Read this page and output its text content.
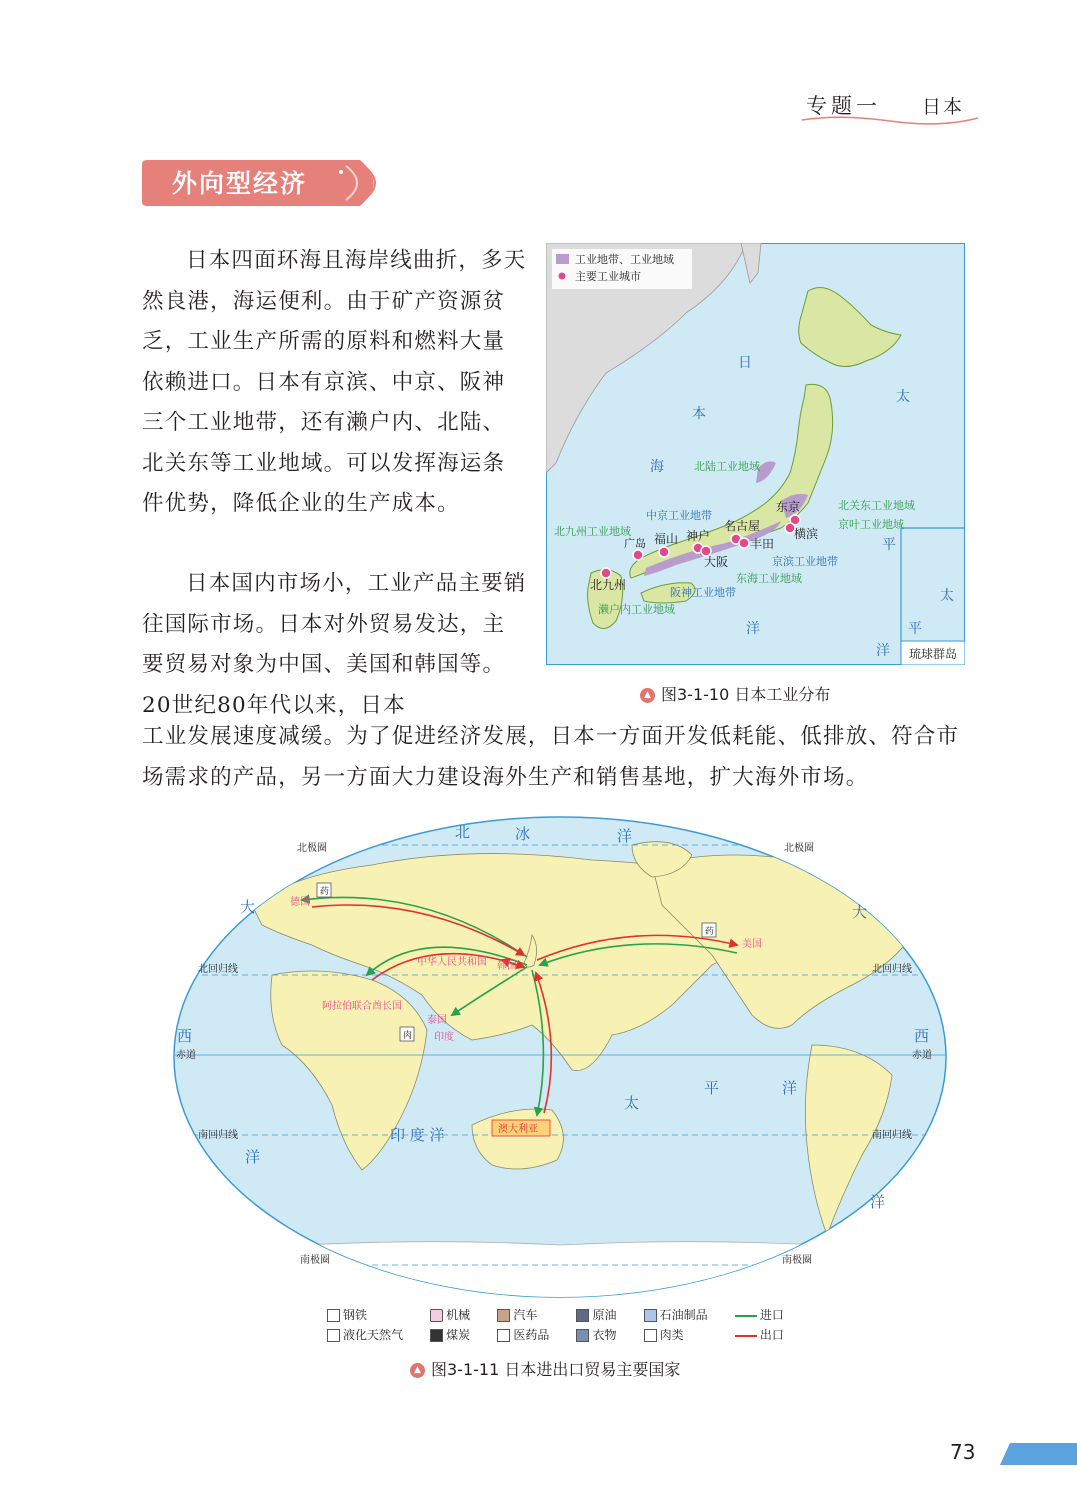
专题一 日本
外向型经济
日本四面环海且海岸线曲折，多天然良港，海运便利。由于矿产资源贫乏，工业生产所需的原料和燃料大量依赖进口。日本有京滨、中京、阪神三个工业地带，还有濑户内、北陆、北关东等工业地域。可以发挥海运条件优势，降低企业的生产成本。
日本国内市场小，工业产品主要销往国际市场。日本对外贸易发达，主要贸易对象为中国、美国和韩国等。20世纪80年代以来，日本
工业发展速度减缓。为了促进经济发展，日本一方面开发低耗能、低排放、符合市场需求的产品，另一方面大力建设海外生产和销售基地，扩大海外市场。
琉球群岛
工业地带、工业地域
主要工业城市
日
本
海
太
平
洋
太
平
洋
北陆工业地域
北关东工业地域
京叶工业地域
中京工业地带
北九州工业地域
京滨工业地带
东海工业地域
阪神工业地带
濑户内工业地域
东京
横滨
名古屋
丰田
神户
大阪
福山
广岛
北九州
▲ 图3-1-10 日本工业分布
北	冰	洋
大
西
洋
大
西
洋
印 度 洋
太
平	洋
北极圈	北极圈
北回归线	北回归线
赤道	赤道
南回归线	南回归线
南极圈	南极圈
德国
美国
中华人民共和国 韩国
阿拉伯联合酋长国
澳大利亚
泰国
印度
药
药
肉
钢铁	机械	汽车	原油	石油制品	进口
液化天然气	煤炭	医药品	衣物	肉类	出口
▲ 图3-1-11 日本进出口贸易主要国家
73
